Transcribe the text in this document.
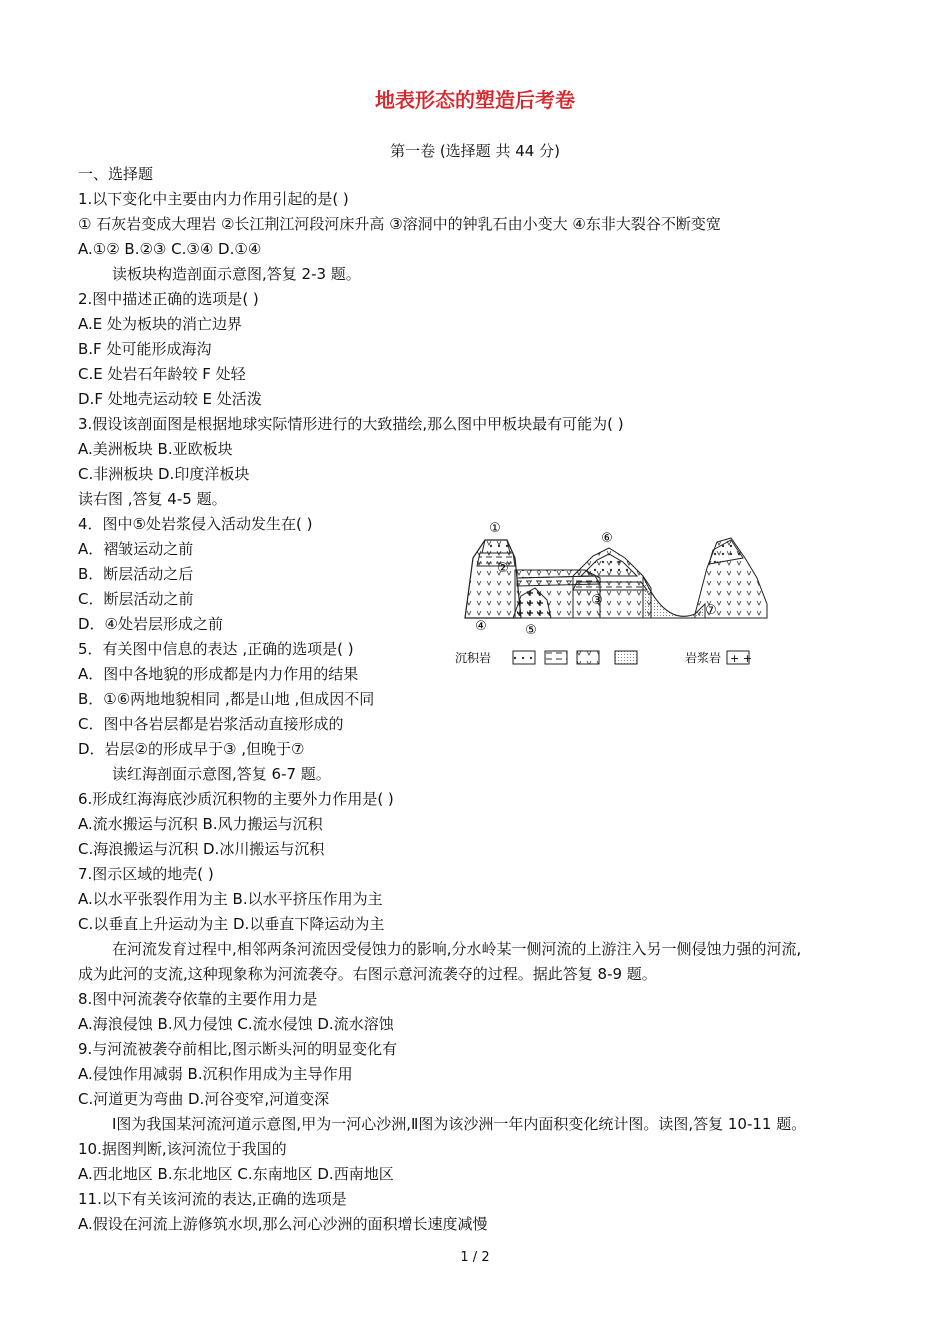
地表形态的塑造后考卷
第一卷 (选择题 共 44 分)
一、选择题
1.以下变化中主要由内力作用引起的是( )
① 石灰岩变成大理岩 ②长江荆江河段河床升高 ③溶洞中的钟乳石由小变大 ④东非大裂谷不断变宽
A.①② B.②③ C.③④ D.①④
读板块构造剖面示意图,答复 2-3 题。
2.图中描述正确的选项是( )
A.E 处为板块的消亡边界
B.F 处可能形成海沟
C.E 处岩石年龄较 F 处轻
D.F 处地壳运动较 E 处活泼
3.假设该剖面图是根据地球实际情形进行的大致描绘,那么图中甲板块最有可能为( )
A.美洲板块 B.亚欧板块
C.非洲板块 D.印度洋板块
读右图 ,答复 4-5 题。
4．图中⑤处岩浆侵入活动发生在( )
A．褶皱运动之前
B．断层活动之后
C．断层活动之前
D．④处岩层形成之前
5．有关图中信息的表达 ,正确的选项是( )
A．图中各地貌的形成都是内力作用的结果
B．①⑥两地地貌相同 ,都是山地 ,但成因不同
C．图中各岩层都是岩浆活动直接形成的
D．岩层②的形成早于③ ,但晚于⑦
读红海剖面示意图,答复 6-7 题。
6.形成红海海底沙质沉积物的主要外力作用是( )
A.流水搬运与沉积 B.风力搬运与沉积
C.海浪搬运与沉积 D.冰川搬运与沉积
7.图示区域的地壳( )
A.以水平张裂作用为主 B.以水平挤压作用为主
C.以垂直上升运动为主 D.以垂直下降运动为主
在河流发育过程中,相邻两条河流因受侵蚀力的影响,分水岭某一侧河流的上游注入另一侧侵蚀力强的河流,
成为此河的支流,这种现象称为河流袭夺。右图示意河流袭夺的过程。据此答复 8-9 题。
8.图中河流袭夺依靠的主要作用力是
A.海浪侵蚀 B.风力侵蚀 C.流水侵蚀 D.流水溶蚀
9.与河流被袭夺前相比,图示断头河的明显变化有
A.侵蚀作用减弱 B.沉积作用成为主导作用
C.河道更为弯曲 D.河谷变窄,河道变深
Ⅰ图为我国某河流河道示意图,甲为一河心沙洲,Ⅱ图为该沙洲一年内面积变化统计图。读图,答复 10-11 题。
10.据图判断,该河流位于我国的
A.西北地区 B.东北地区 C.东南地区 D.西南地区
11.以下有关该河流的表达,正确的选项是
A.假设在河流上游修筑水坝,那么河心沙洲的面积增长速度减慢
①
②
③
④	⑤
⑥
⑦
沉积岩	岩浆岩 + +
1 / 2
